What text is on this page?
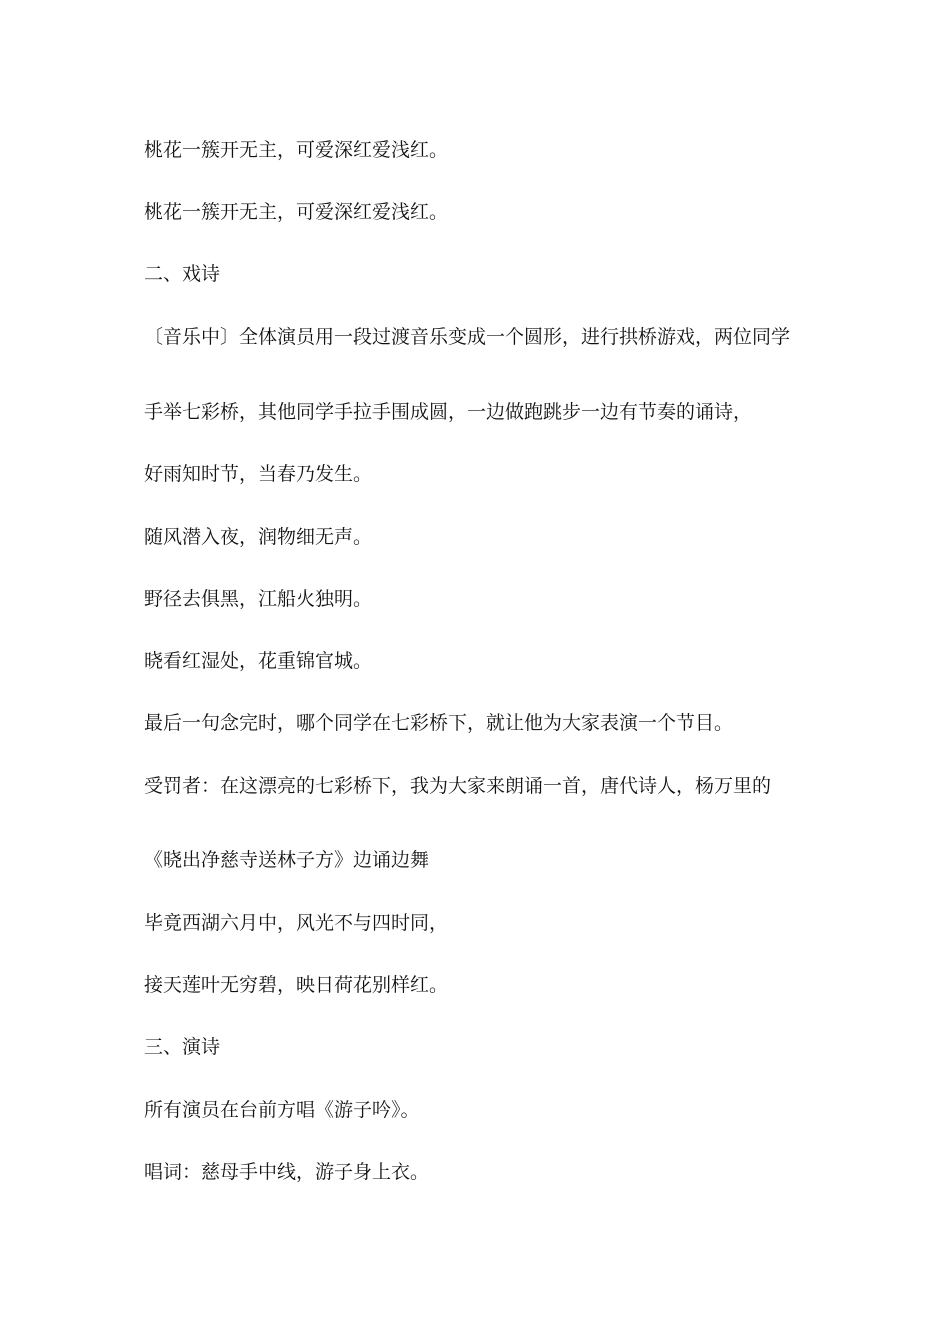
桃花一簇开无主，可爱深红爱浅红。
桃花一簇开无主，可爱深红爱浅红。
二、戏诗
〔音乐中〕全体演员用一段过渡音乐变成一个圆形，进行拱桥游戏，两位同学
手举七彩桥，其他同学手拉手围成圆，一边做跑跳步一边有节奏的诵诗，
好雨知时节，当春乃发生。
随风潜入夜，润物细无声。
野径去俱黑，江船火独明。
晓看红湿处，花重锦官城。
最后一句念完时，哪个同学在七彩桥下，就让他为大家表演一个节目。
受罚者：在这漂亮的七彩桥下，我为大家来朗诵一首，唐代诗人，杨万里的
《晓出净慈寺送林子方》边诵边舞
毕竟西湖六月中，风光不与四时同，
接天莲叶无穷碧，映日荷花别样红。
三、演诗
所有演员在台前方唱《游子吟》。
唱词：慈母手中线，游子身上衣。
